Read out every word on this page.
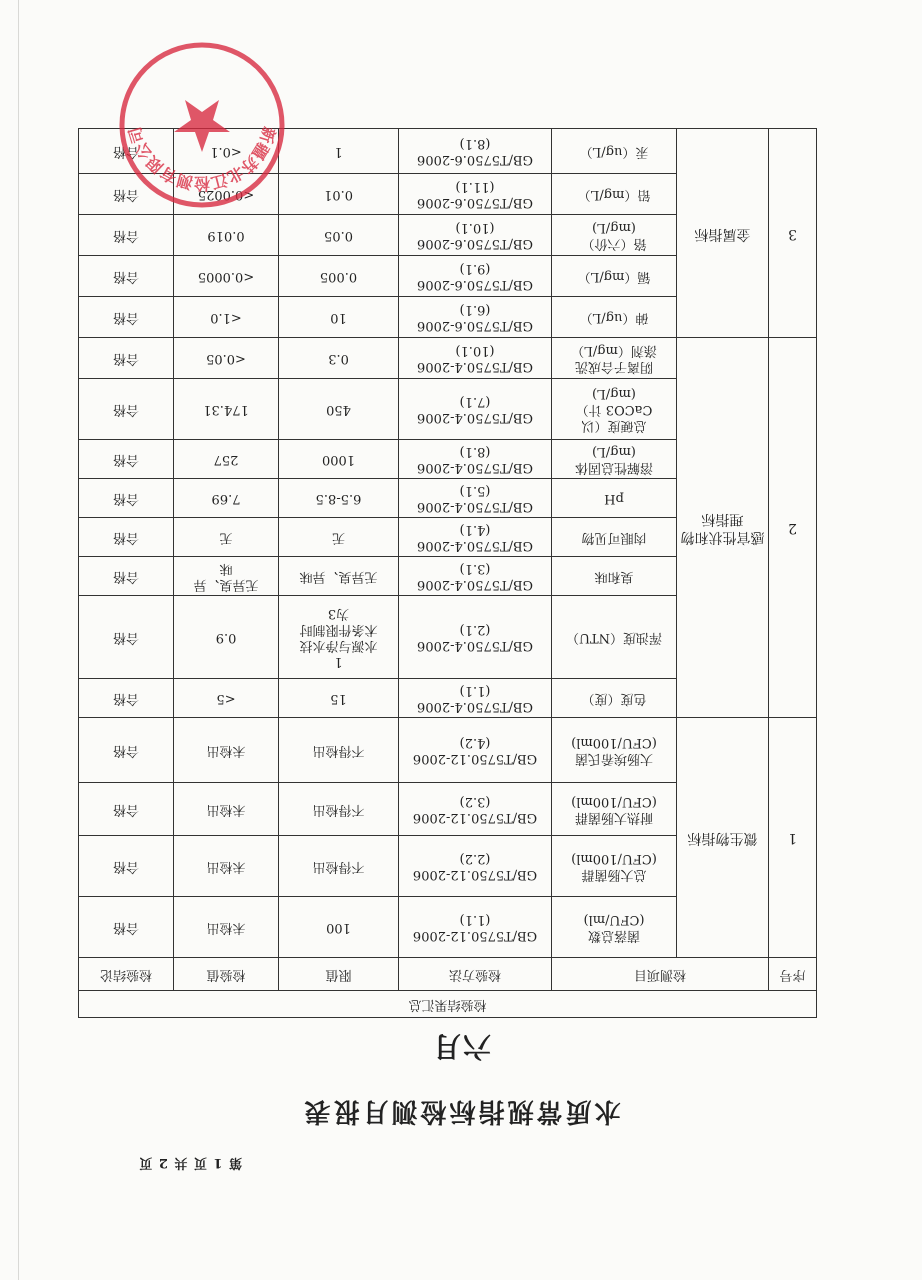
第 1 页 共 2 页
水质常规指标检测月报表
六月
检验结果汇总						
序号	检测项目		检验方法	限值	检验值	检验结论
1	微生物指标	菌落总数
(CFU/ml)	GB/T5750.12-2006
(1.1)	100	未检出	合格

		总大肠菌群
(CFU/100ml)	GB/T5750.12-2006
(2.2)	不得检出	未检出	合格

		耐热大肠菌群
(CFU/100ml)	GB/T5750.12-2006
(3.2)	不得检出	未检出	合格

		大肠埃希氏菌
(CFU/100ml)	GB/T5750.12-2006
(4.2)	不得检出	未检出	合格
2	感官性状和物理指标	色度（度）	GB/T5750.4-2006
(1.1)	15	<5	合格

		浑浊度（NTU）	GB/T5750.4-2006
(2.1)	1
水源与净水技
术条件限制时
为3	0.9	合格

		臭和味	GB/T5750.4-2006
(3.1)	无异臭、异味	无异臭、异
味	合格

		肉眼可见物	GB/T5750.4-2006
(4.1)	无	无	合格

		pH	GB/T5750.4-2006
(5.1)	6.5-8.5	7.69	合格

		溶解性总固体
(mg/L)	GB/T5750.4-2006
(8.1)	1000	257	合格

		总硬度（以
CaCO3 计）
(mg/L)	GB/T5750.4-2006
(7.1)	450	174.31	合格

		阴离子合成洗
涤剂（mg/L）	GB/T5750.4-2006
(10.1)	0.3	<0.05	合格
3	金属指标	砷（ug/L）	GB/T5750.6-2006
(6.1)	10	<1.0	合格

		镉（mg/L）	GB/T5750.6-2006
(9.1)	0.005	<0.0005	合格

		铬（六价）
(mg/L)	GB/T5750.6-2006
(10.1)	0.05	0.019	合格

		铅（mg/L）	GB/T5750.6-2006
(11.1)	0.01	<0.0025	合格

		汞（ug/L）	GB/T5750.6-2006
(8.1)	1	<0.1	合格
新疆苏北江检测有限公司
